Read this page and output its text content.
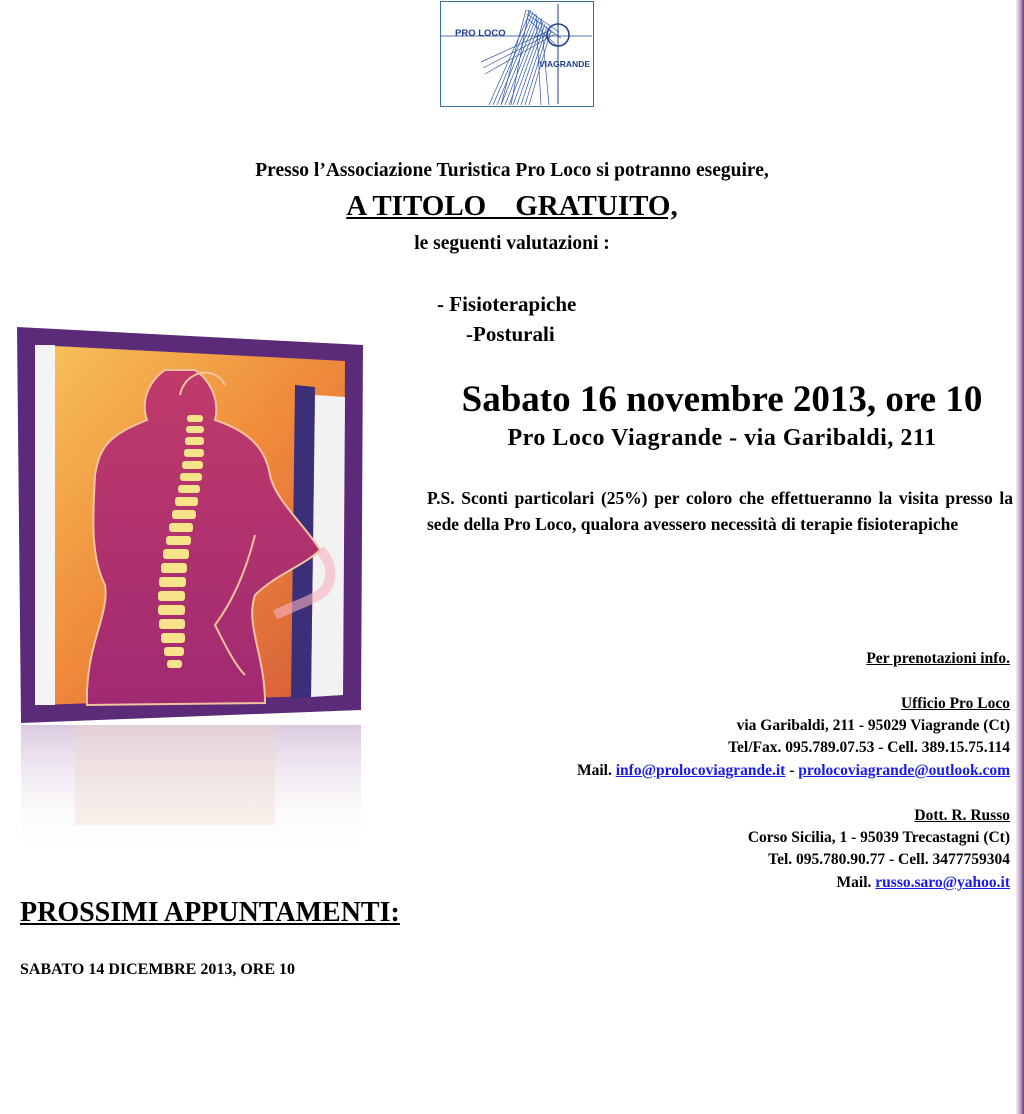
PRO LOCO
VIAGRANDE
Presso l’Associazione Turistica Pro Loco si potranno eseguire,
A TITOLO    GRATUITO,
le seguenti valutazioni :
- Fisioterapiche
-Posturali
Sabato 16 novembre 2013, ore 10
Pro Loco Viagrande - via Garibaldi, 211
P.S. Sconti particolari (25%) per coloro che effettueranno la visita presso la sede della Pro Loco, qualora avessero necessità di terapie fisioterapiche
Per prenotazioni info.
Ufficio Pro Loco
via Garibaldi, 211 - 95029 Viagrande (Ct)
Tel/Fax. 095.789.07.53 - Cell. 389.15.75.114
Mail. info@prolocoviagrande.it - prolocoviagrande@outlook.com
Dott. R. Russo
Corso Sicilia, 1 - 95039 Trecastagni (Ct)
Tel. 095.780.90.77 - Cell. 3477759304
Mail. russo.saro@yahoo.it
PROSSIMI APPUNTAMENTI:
SABATO 14 DICEMBRE 2013, ORE 10
